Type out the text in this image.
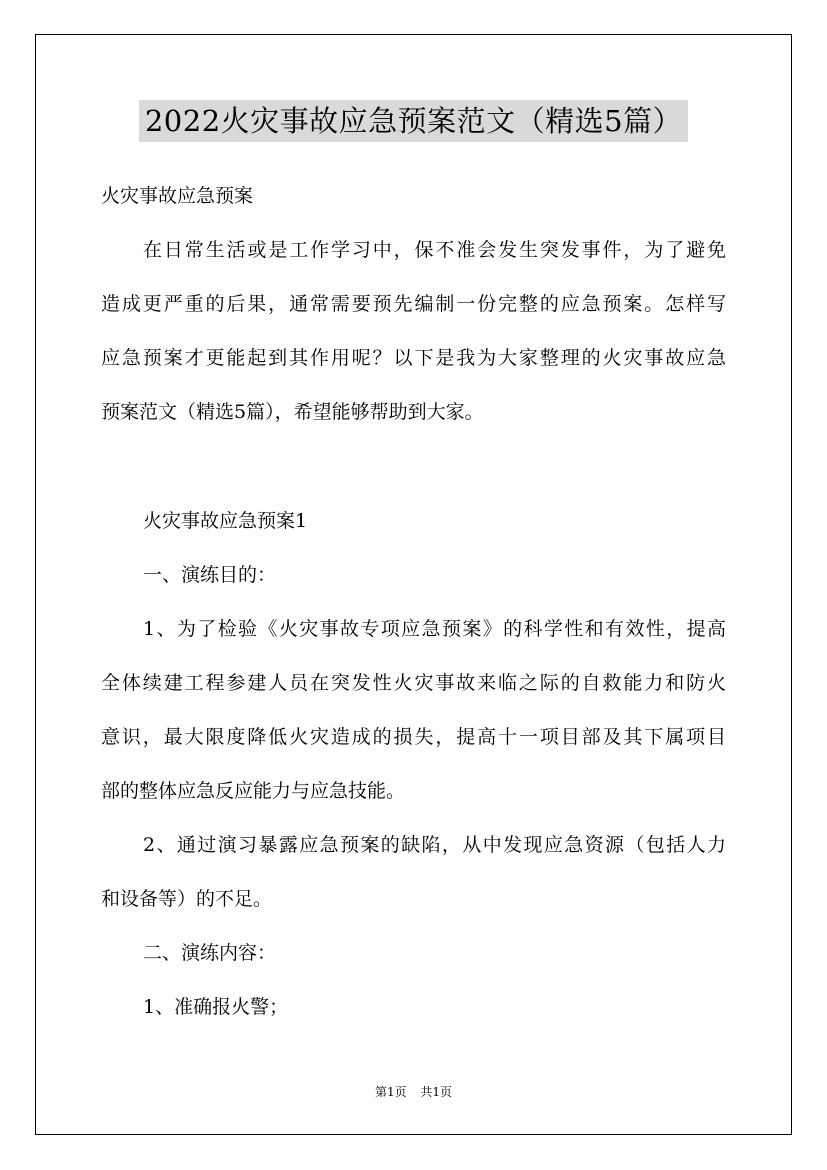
2022火灾事故应急预案范文（精选5篇）
火灾事故应急预案
在日常生活或是工作学习中，保不准会发生突发事件，为了避免
造成更严重的后果，通常需要预先编制一份完整的应急预案。怎样写
应急预案才更能起到其作用呢？以下是我为大家整理的火灾事故应急
预案范文（精选5篇），希望能够帮助到大家。
火灾事故应急预案1
一、演练目的：
1、为了检验《火灾事故专项应急预案》的科学性和有效性，提高
全体续建工程参建人员在突发性火灾事故来临之际的自救能力和防火
意识，最大限度降低火灾造成的损失，提高十一项目部及其下属项目
部的整体应急反应能力与应急技能。
2、通过演习暴露应急预案的缺陷，从中发现应急资源（包括人力
和设备等）的不足。
二、演练内容：
1、准确报火警；
第1页 共1页
